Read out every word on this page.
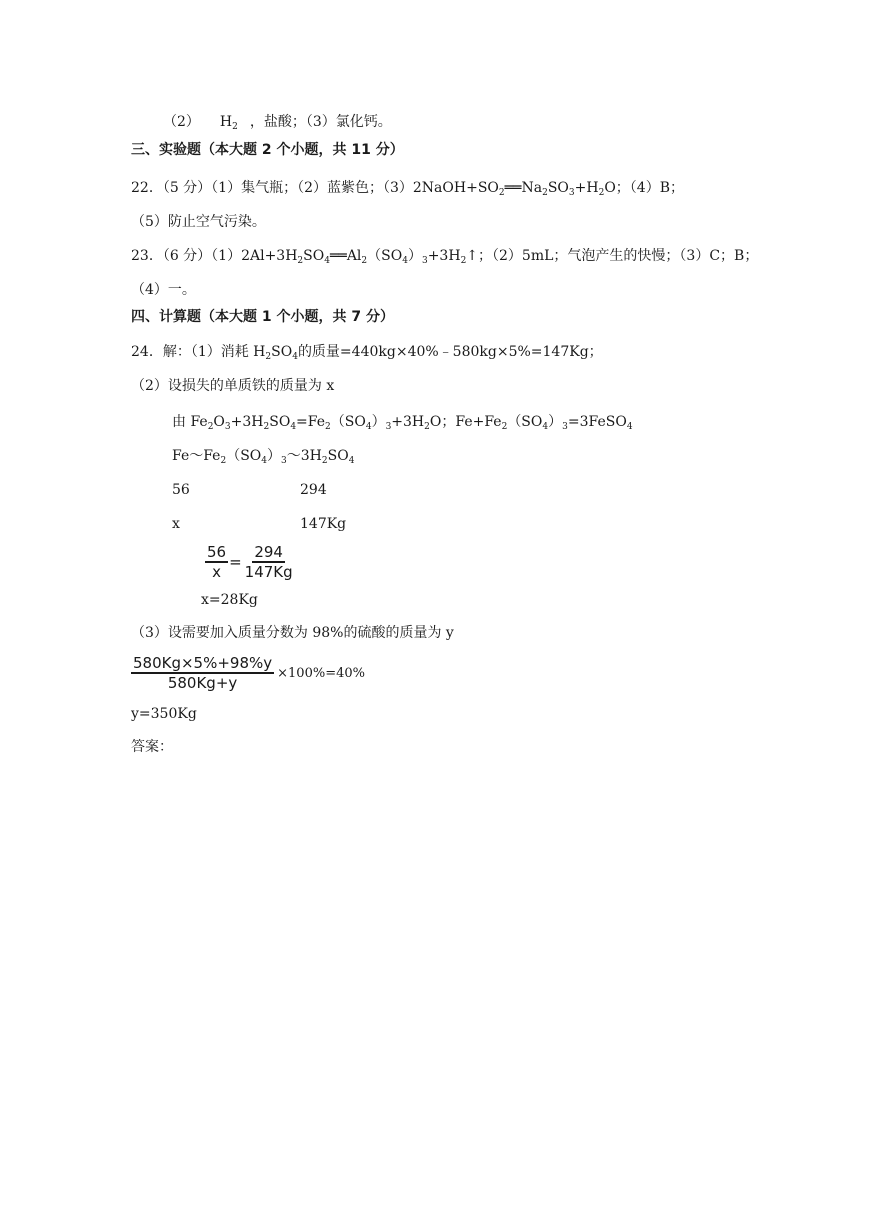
（2） $H_2$ ，盐酸；（3）氯化钙。
三、实验题（本大题 2 个小题，共 11 分）
22．（5 分）（1）集气瓶；（2）蓝紫色；$(3)2NaOH+SO_2══Na_2SO_3+H_2O$；（4）B；
（5）防止空气污染。
23．（6 分）$(1)2Al+3H_2SO_4══Al_2(SO_4)_3+3H_2↑$；（2）5mL；气泡产生的快慢；（3）C；B；
（4）一。
四、计算题（本大题 1 个小题，共 7 分）
24．解：（1）消耗 $H_2SO_4$的质量=440kg×40%﹣580kg×5%=147Kg；
（2）设损失的单质铁的质量为 x
由 $Fe_2O_3+3H_2SO_4=Fe_2(SO_4)_3+3H_2O$；$Fe+Fe_2(SO_4)_3=3FeSO_4$
$Fe\sim Fe_2(SO_4)_3\sim 3H_2SO_4$
56	294
x	147Kg
$\frac{56}{x} = \frac{294}{147Kg}$
x=28Kg
（3）设需要加入质量分数为 98%的硫酸的质量为 y
$\frac{580Kg\times 5\%+98\%y}{580Kg+y} \times 100\%=40\%$
y=350Kg
答案：
